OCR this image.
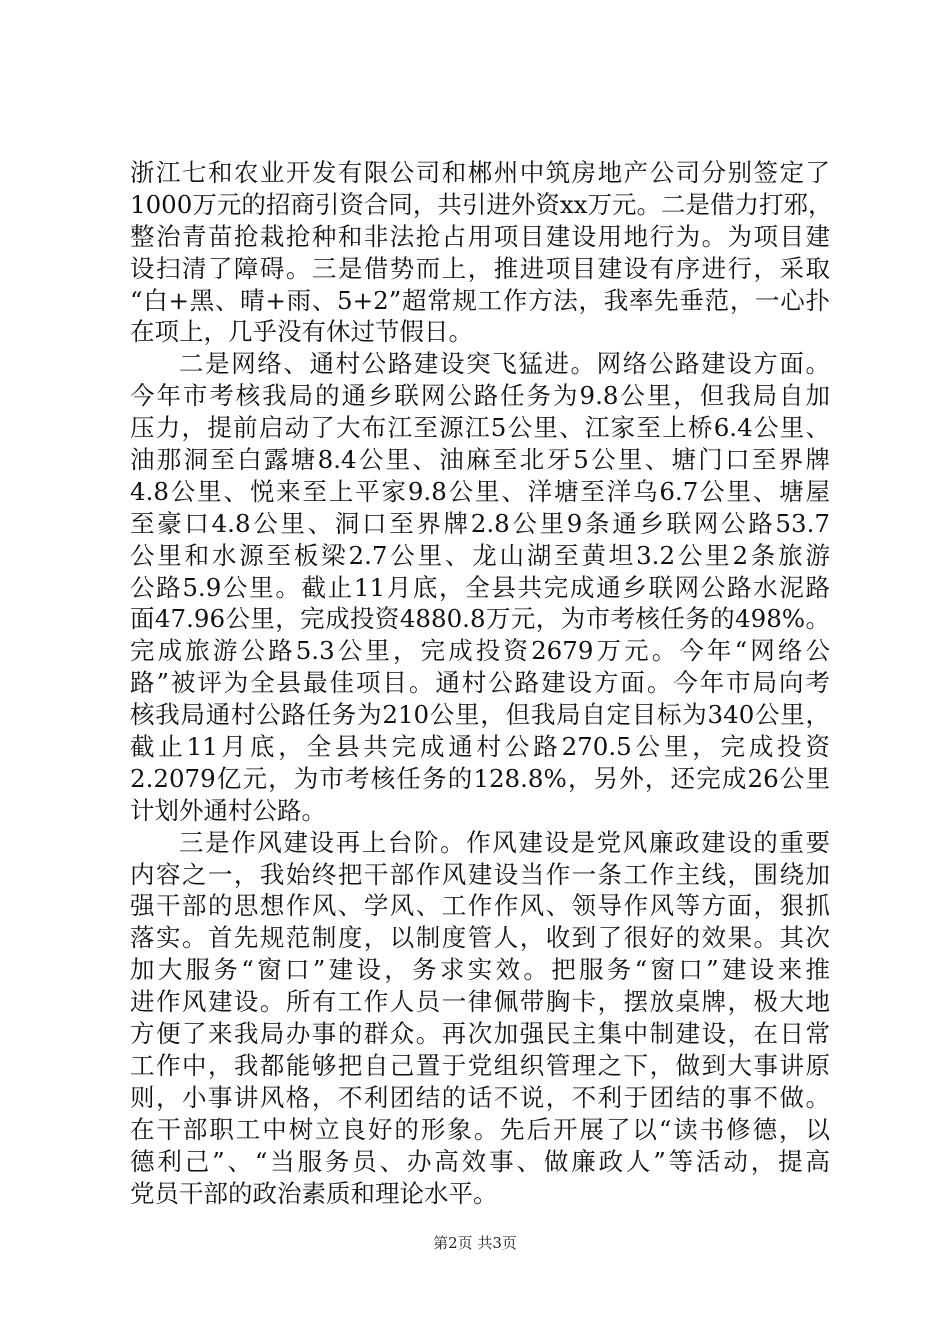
浙江七和农业开发有限公司和郴州中筑房地产公司分别签定了
1000万元的招商引资合同，共引进外资xx万元。二是借力打邪，
整治青苗抢栽抢种和非法抢占用项目建设用地行为。为项目建
设扫清了障碍。三是借势而上，推进项目建设有序进行，采取
“白+黑、晴+雨、5+2”超常规工作方法，我率先垂范，一心扑
在项上，几乎没有休过节假日。
二是网络、通村公路建设突飞猛进。网络公路建设方面。
今年市考核我局的通乡联网公路任务为9.8公里，但我局自加
压力，提前启动了大布江至源江5公里、江家至上桥6.4公里、
油那洞至白露塘8.4公里、油麻至北牙5公里、塘门口至界牌
4.8公里、悦来至上平家9.8公里、洋塘至洋乌6.7公里、塘屋
至豪口4.8公里、洞口至界牌2.8公里9条通乡联网公路53.7
公里和水源至板梁2.7公里、龙山湖至黄坦3.2公里2条旅游
公路5.9公里。截止11月底，全县共完成通乡联网公路水泥路
面47.96公里，完成投资4880.8万元，为市考核任务的498%。
完成旅游公路5.3公里，完成投资2679万元。今年“网络公
路”被评为全县最佳项目。通村公路建设方面。今年市局向考
核我局通村公路任务为210公里，但我局自定目标为340公里，
截止11月底，全县共完成通村公路270.5公里，完成投资
2.2079亿元，为市考核任务的128.8%，另外，还完成26公里
计划外通村公路。
三是作风建设再上台阶。作风建设是党风廉政建设的重要
内容之一，我始终把干部作风建设当作一条工作主线，围绕加
强干部的思想作风、学风、工作作风、领导作风等方面，狠抓
落实。首先规范制度，以制度管人，收到了很好的效果。其次
加大服务“窗口”建设，务求实效。把服务“窗口”建设来推
进作风建设。所有工作人员一律佩带胸卡，摆放桌牌，极大地
方便了来我局办事的群众。再次加强民主集中制建设，在日常
工作中，我都能够把自己置于党组织管理之下，做到大事讲原
则，小事讲风格，不利团结的话不说，不利于团结的事不做。
在干部职工中树立良好的形象。先后开展了以“读书修德，以
德利己”、“当服务员、办高效事、做廉政人”等活动，提高
党员干部的政治素质和理论水平。
第2页 共3页
